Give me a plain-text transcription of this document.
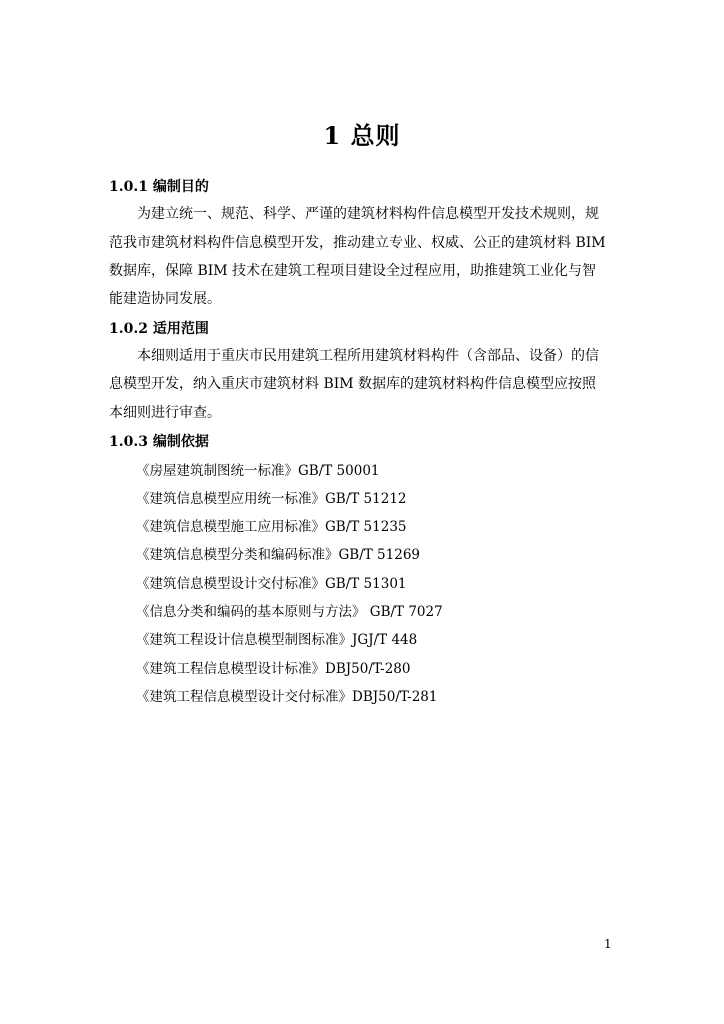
1 总则
1.0.1 编制目的
为建立统一、规范、科学、严谨的建筑材料构件信息模型开发技术规则，规
范我市建筑材料构件信息模型开发，推动建立专业、权威、公正的建筑材料 BIM
数据库，保障 BIM 技术在建筑工程项目建设全过程应用，助推建筑工业化与智
能建造协同发展。
1.0.2 适用范围
本细则适用于重庆市民用建筑工程所用建筑材料构件（含部品、设备）的信
息模型开发，纳入重庆市建筑材料 BIM 数据库的建筑材料构件信息模型应按照
本细则进行审查。
1.0.3 编制依据
《房屋建筑制图统一标准》GB/T 50001
《建筑信息模型应用统一标准》GB/T 51212
《建筑信息模型施工应用标准》GB/T 51235
《建筑信息模型分类和编码标准》GB/T 51269
《建筑信息模型设计交付标准》GB/T 51301
《信息分类和编码的基本原则与方法》 GB/T 7027
《建筑工程设计信息模型制图标准》JGJ/T 448
《建筑工程信息模型设计标准》DBJ50/T-280
《建筑工程信息模型设计交付标准》DBJ50/T-281
1
